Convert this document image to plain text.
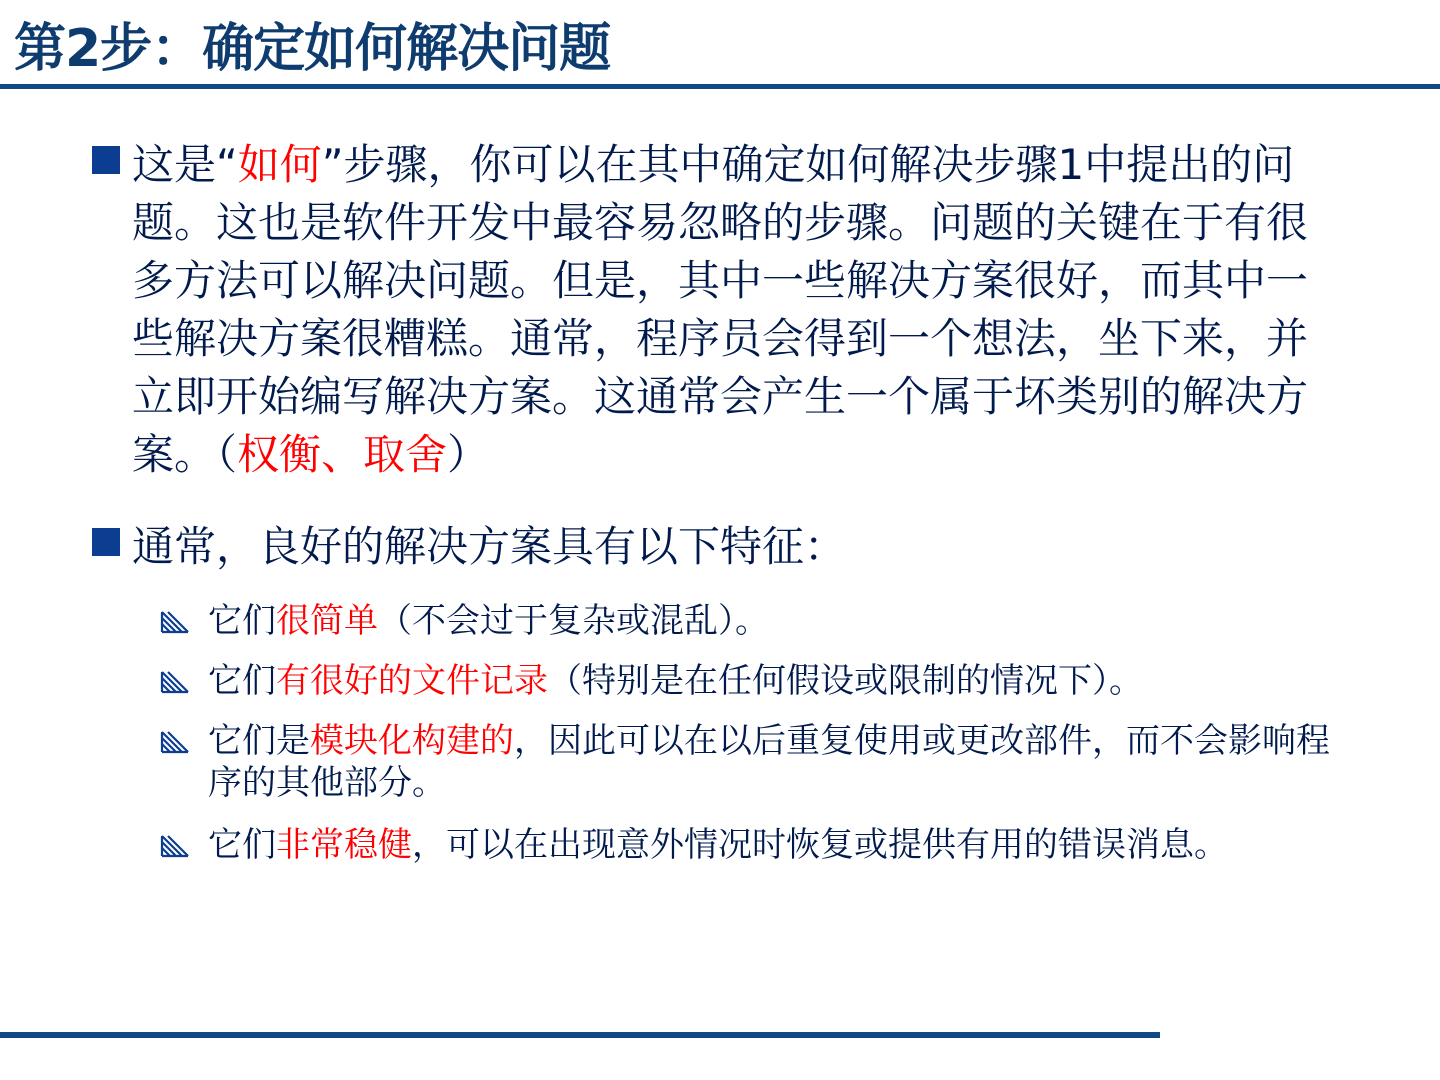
第2步：确定如何解决问题
这是“如何”步骤，你可以在其中确定如何解决步骤1中提出的问题。这也是软件开发中最容易忽略的步骤。问题的关键在于有很多方法可以解决问题。但是，其中一些解决方案很好，而其中一些解决方案很糟糕。通常，程序员会得到一个想法，坐下来，并立即开始编写解决方案。这通常会产生一个属于坏类别的解决方案。（权衡、取舍）
通常，良好的解决方案具有以下特征：
它们很简单（不会过于复杂或混乱）。
它们有很好的文件记录（特别是在任何假设或限制的情况下）。
它们是模块化构建的，因此可以在以后重复使用或更改部件，而不会影响程序的其他部分。
它们非常稳健，可以在出现意外情况时恢复或提供有用的错误消息。
